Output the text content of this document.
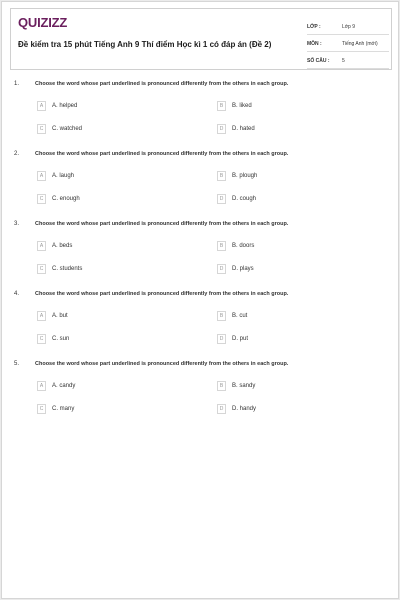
QUIZIZZ
Đề kiểm tra 15 phút Tiếng Anh 9 Thí điểm Học kì 1 có đáp án (Đề 2)
LỚP :	Lớp 9
MÔN :	Tiếng Anh (mới)
SỐ CÂU :	5
1.	Choose the word whose part underlined is pronounced differently from the others in each group.
A	A. helped	B	B. liked
C	C. watched	D	D. hated
2.	Choose the word whose part underlined is pronounced differently from the others in each group.
A	A. laugh	B	B. plough
C	C. enough	D	D. cough
3.	Choose the word whose part underlined is pronounced differently from the others in each group.
A	A. beds	B	B. doors
C	C. students	D	D. plays
4.	Choose the word whose part underlined is pronounced differently from the others in each group.
A	A. but	B	B. cut
C	C. sun	D	D. put
5.	Choose the word whose part underlined is pronounced differently from the others in each group.
A	A. candy	B	B. sandy
C	C. many	D	D. handy
